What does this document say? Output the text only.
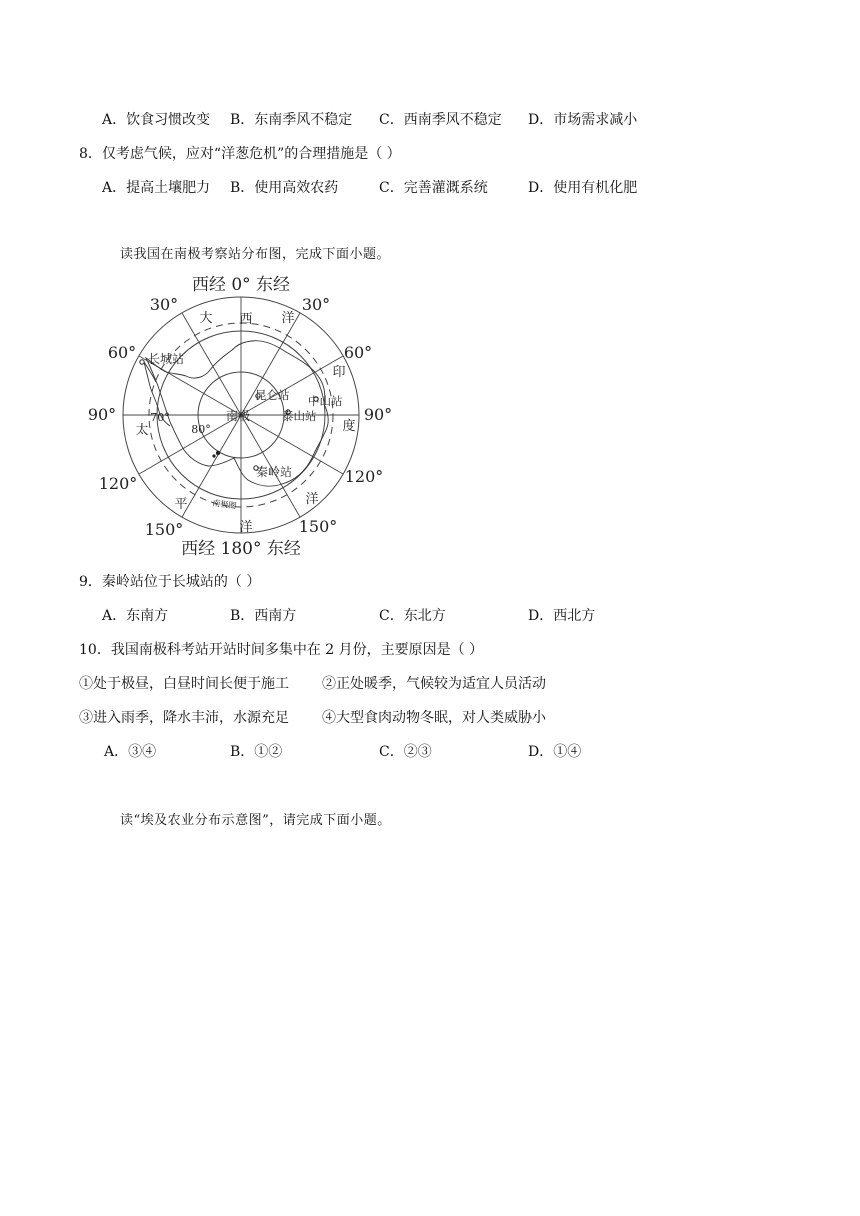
A．饮食习惯改变 B．东南季风不稳定 C．西南季风不稳定 D．市场需求减小
8．仅考虑气候，应对“洋葱危机”的合理措施是（ ）
A．提高土壤肥力 B．使用高效农药	C．完善灌溉系统	D．使用有机化肥
读我国在南极考察站分布图，完成下面小题。
西经 0° 东经
西经 180° 东经
30°	30°
60°	60°
90°	90°
120°	120°
150°	150°
大 西 洋
印
度
洋
平
太
洋
70°
80°
长城站
昆仑站 中山站
泰山站
秦岭站
南极
南极圈
9．秦岭站位于长城站的（ ）
A．东南方	B．西南方	C．东北方	D．西北方
10．我国南极科考站开站时间多集中在 2 月份，主要原因是（ ）
①处于极昼，白昼时间长便于施工 ②正处暖季，气候较为适宜人员活动
③进入雨季，降水丰沛，水源充足 ④大型食肉动物冬眠，对人类威胁小
A．③④	B．①②	C．②③	D．①④
读“埃及农业分布示意图”，请完成下面小题。
